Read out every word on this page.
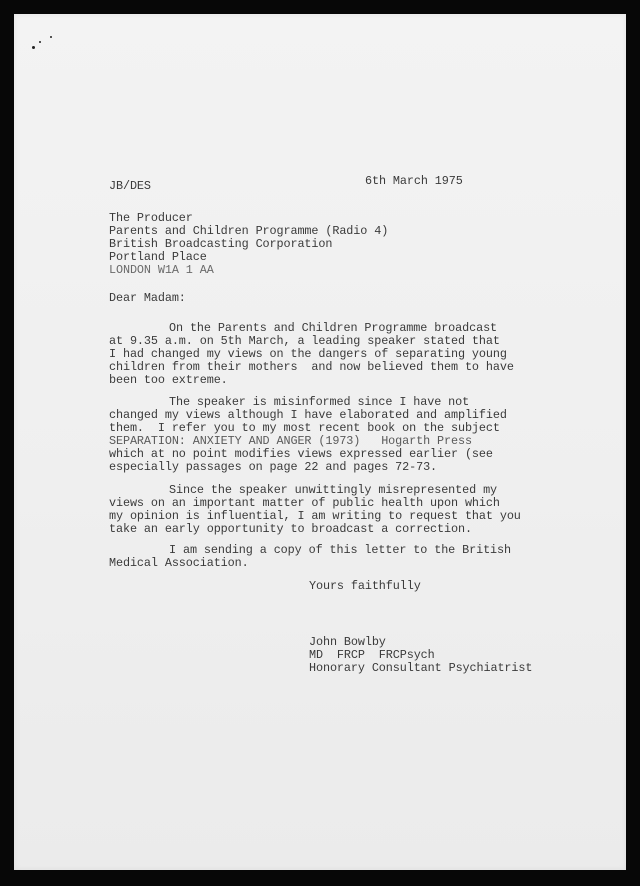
JB/DES	6th March 1975

The Producer

Parents and Children Programme (Radio 4)

British Broadcasting Corporation

Portland Place

LONDON W1A 1 AA

Dear Madam:

On the Parents and Children Programme broadcast

at 9.35 a.m. on 5th March, a leading speaker stated that

I had changed my views on the dangers of separating young

children from their mothers  and now believed them to have

been too extreme.

The speaker is misinformed since I have not

changed my views although I have elaborated and amplified

them.  I refer you to my most recent book on the subject

SEPARATION: ANXIETY AND ANGER (1973)   Hogarth Press

which at no point modifies views expressed earlier (see

especially passages on page 22 and pages 72-73.

Since the speaker unwittingly misrepresented my

views on an important matter of public health upon which

my opinion is influential, I am writing to request that you

take an early opportunity to broadcast a correction.

I am sending a copy of this letter to the British

Medical Association.

Yours faithfully

John Bowlby

MD  FRCP  FRCPsych

Honorary Consultant Psychiatrist
